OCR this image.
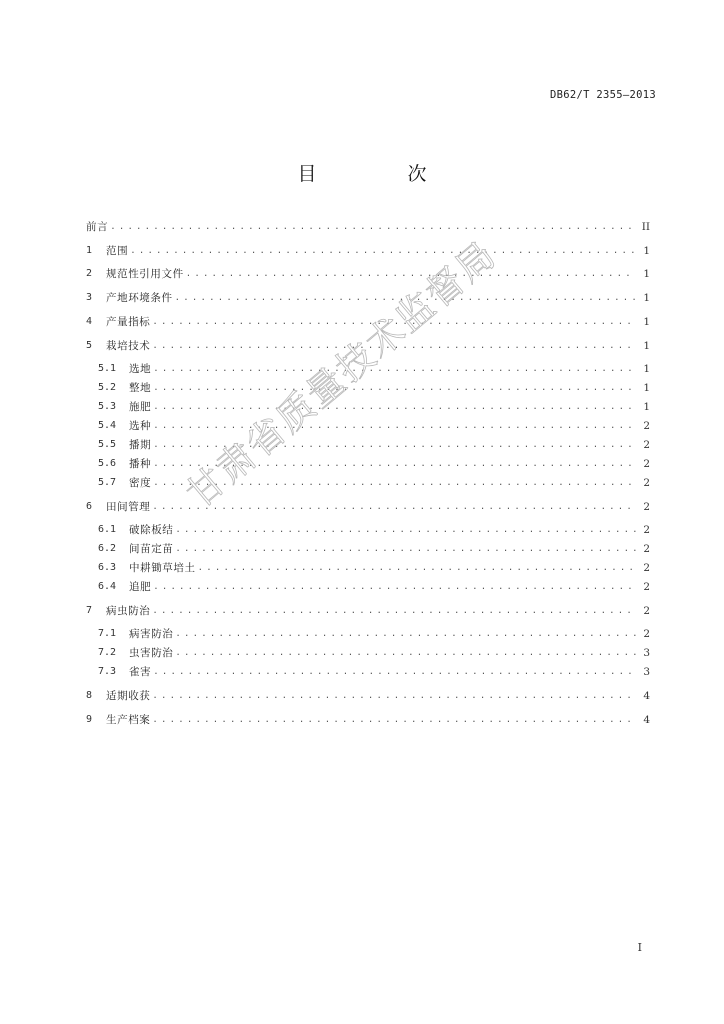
DB62/T 2355—2013
目　次
前言 .....	II
1	范围 .....	1
2	规范性引用文件 .....	1
3	产地环境条件 .....	1
4	产量指标 .....	1
5	栽培技术 .....	1
5.1	选地 .....	1
5.2	整地 .....	1
5.3	施肥 .....	1
5.4	选种 .....	2
5.5	播期 .....	2
5.6	播种 .....	2
5.7	密度 .....	2
6	田间管理 .....	2
6.1	破除板结 .....	2
6.2	间苗定苗 .....	2
6.3	中耕锄草培土 .....	2
6.4	追肥 .....	2
7	病虫防治 .....	2
7.1	病害防治 .....	2
7.2	虫害防治 .....	3
7.3	雀害 .....	3
8	适期收获 .....	4
9	生产档案 .....	4
甘肃省质量技术监督局
I
